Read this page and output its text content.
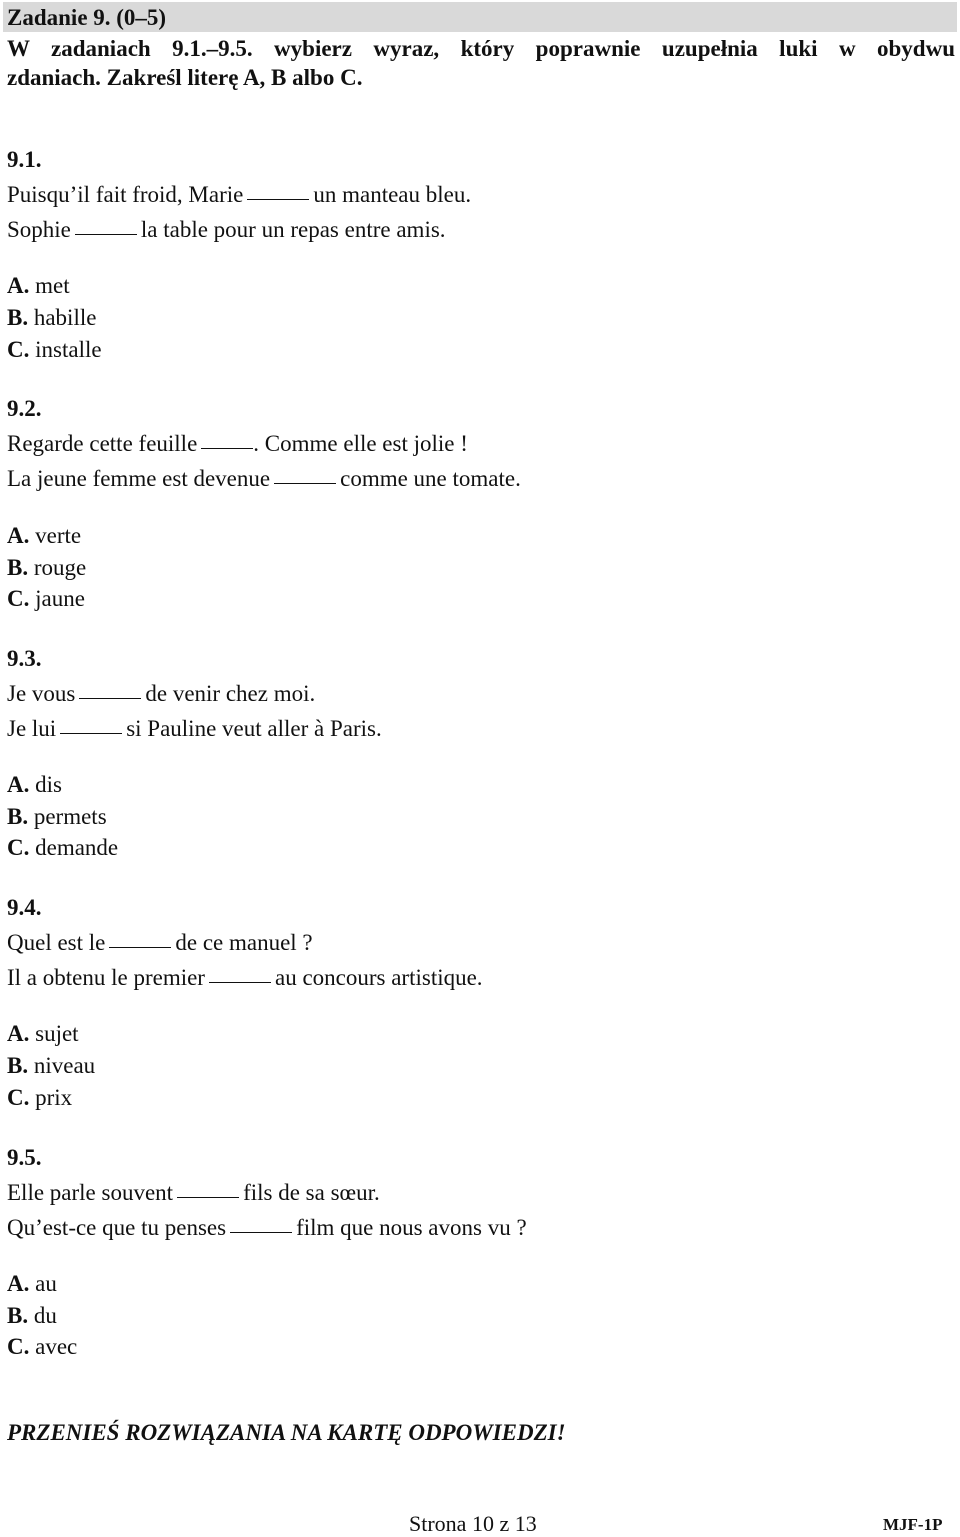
Zadanie 9. (0–5)
W zadaniach 9.1.–9.5. wybierz wyraz, który poprawnie uzupełnia luki w obydwu
zdaniach. Zakreśl literę A, B albo C.
9.1.
Puisqu’il fait froid, Marie	un manteau bleu.
Sophie	la table pour un repas entre amis.
A. met
B. habille
C. installe
9.2.
Regarde cette feuille . Comme elle est jolie !
La jeune femme est devenue	comme une tomate.
A. verte
B. rouge
C. jaune
9.3.
Je vous	de venir chez moi.
Je lui	si Pauline veut aller à Paris.
A. dis
B. permets
C. demande
9.4.
Quel est le	de ce manuel ?
Il a obtenu le premier	au concours artistique.
A. sujet
B. niveau
C. prix
9.5.
Elle parle souvent	fils de sa sœur.
Qu’est-ce que tu penses	film que nous avons vu ?
A. au
B. du
C. avec
PRZENIEŚ ROZWIĄZANIA NA KARTĘ ODPOWIEDZI!
Strona 10 z 13	MJF-1P
